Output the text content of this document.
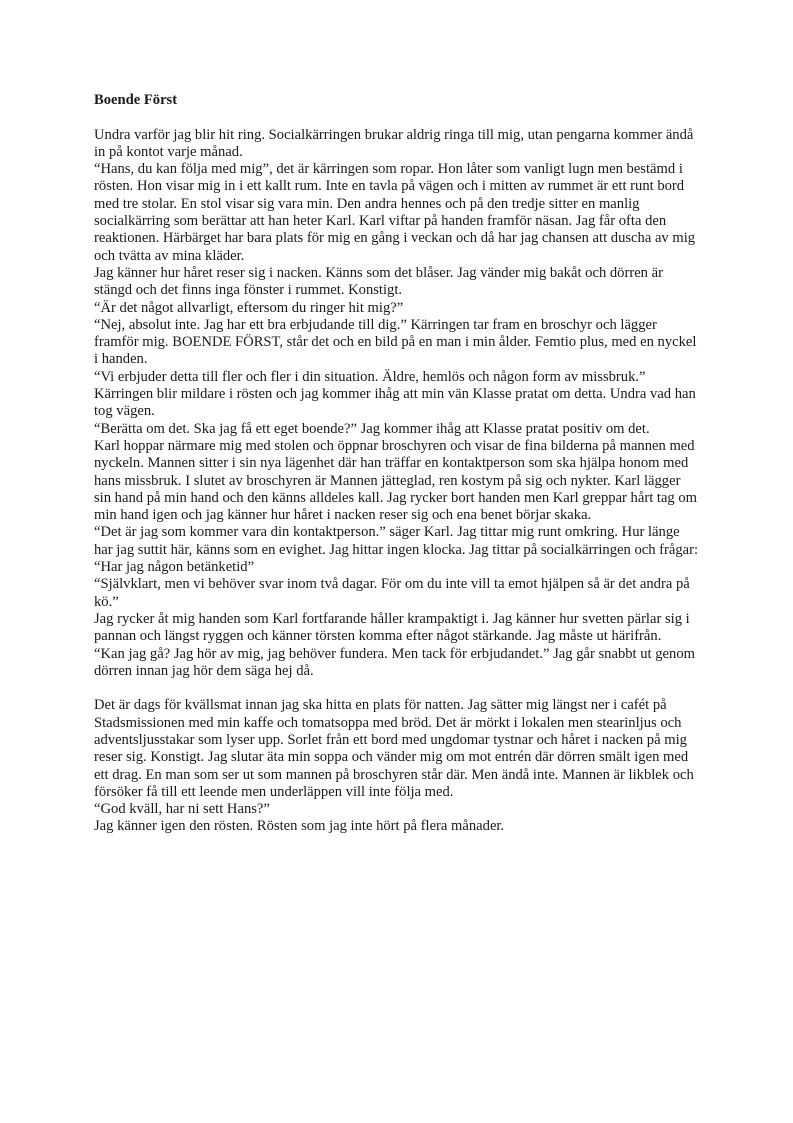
Boende Först

Undra varför jag blir hit ring. Socialkärringen brukar aldrig ringa till mig, utan pengarna kommer ändå in på kontot varje månad.

“Hans, du kan följa med mig”, det är kärringen som ropar. Hon låter som vanligt lugn men bestämd i rösten. Hon visar mig in i ett kallt rum. Inte en tavla på vägen och i mitten av rummet är ett runt bord med tre stolar. En stol visar sig vara min. Den andra hennes och på den tredje sitter en manlig socialkärring som berättar att han heter Karl. Karl viftar på handen framför näsan. Jag får ofta den reaktionen. Härbärget har bara plats för mig en gång i veckan och då har jag chansen att duscha av mig och tvätta av mina kläder.

Jag känner hur håret reser sig i nacken. Känns som det blåser. Jag vänder mig bakåt och dörren är stängd och det finns inga fönster i rummet. Konstigt.

“Är det något allvarligt, eftersom du ringer hit mig?”

“Nej, absolut inte. Jag har ett bra erbjudande till dig.” Kärringen tar fram en broschyr och lägger framför mig. BOENDE FÖRST, står det och en bild på en man i min ålder. Femtio plus, med en nyckel i handen.

“Vi erbjuder detta till fler och fler i din situation. Äldre, hemlös och någon form av missbruk.” Kärringen blir mildare i rösten och jag kommer ihåg att min vän Klasse pratat om detta. Undra vad han tog vägen.

“Berätta om det. Ska jag få ett eget boende?” Jag kommer ihåg att Klasse pratat positiv om det.

Karl hoppar närmare mig med stolen och öppnar broschyren och visar de fina bilderna på mannen med nyckeln. Mannen sitter i sin nya lägenhet där han träffar en kontaktperson som ska hjälpa honom med hans missbruk. I slutet av broschyren är Mannen jätteglad, ren kostym på sig och nykter. Karl lägger sin hand på min hand och den känns alldeles kall. Jag rycker bort handen men Karl greppar hårt tag om min hand igen och jag känner hur håret i nacken reser sig och ena benet börjar skaka.

“Det är jag som kommer vara din kontaktperson.” säger Karl. Jag tittar mig runt omkring. Hur länge har jag suttit här, känns som en evighet. Jag hittar ingen klocka. Jag tittar på socialkärringen och frågar:

“Har jag någon betänketid”

“Självklart, men vi behöver svar inom två dagar. För om du inte vill ta emot hjälpen så är det andra på kö.”

Jag rycker åt mig handen som Karl fortfarande håller krampaktigt i. Jag känner hur svetten pärlar sig i pannan och längst ryggen och känner törsten komma efter något stärkande. Jag måste ut härifrån.

“Kan jag gå? Jag hör av mig, jag behöver fundera. Men tack för erbjudandet.” Jag går snabbt ut genom dörren innan jag hör dem säga hej då.

Det är dags för kvällsmat innan jag ska hitta en plats för natten. Jag sätter mig längst ner i cafét på Stadsmissionen med min kaffe och tomatsoppa med bröd. Det är mörkt i lokalen men stearinljus och adventsljusstakar som lyser upp. Sorlet från ett bord med ungdomar tystnar och håret i nacken på mig reser sig. Konstigt. Jag slutar äta min soppa och vänder mig om mot entrén där dörren smält igen med ett drag. En man som ser ut som mannen på broschyren står där. Men ändå inte. Mannen är likblek och försöker få till ett leende men underläppen vill inte följa med.

“God kväll, har ni sett Hans?”

Jag känner igen den rösten. Rösten som jag inte hört på flera månader.
